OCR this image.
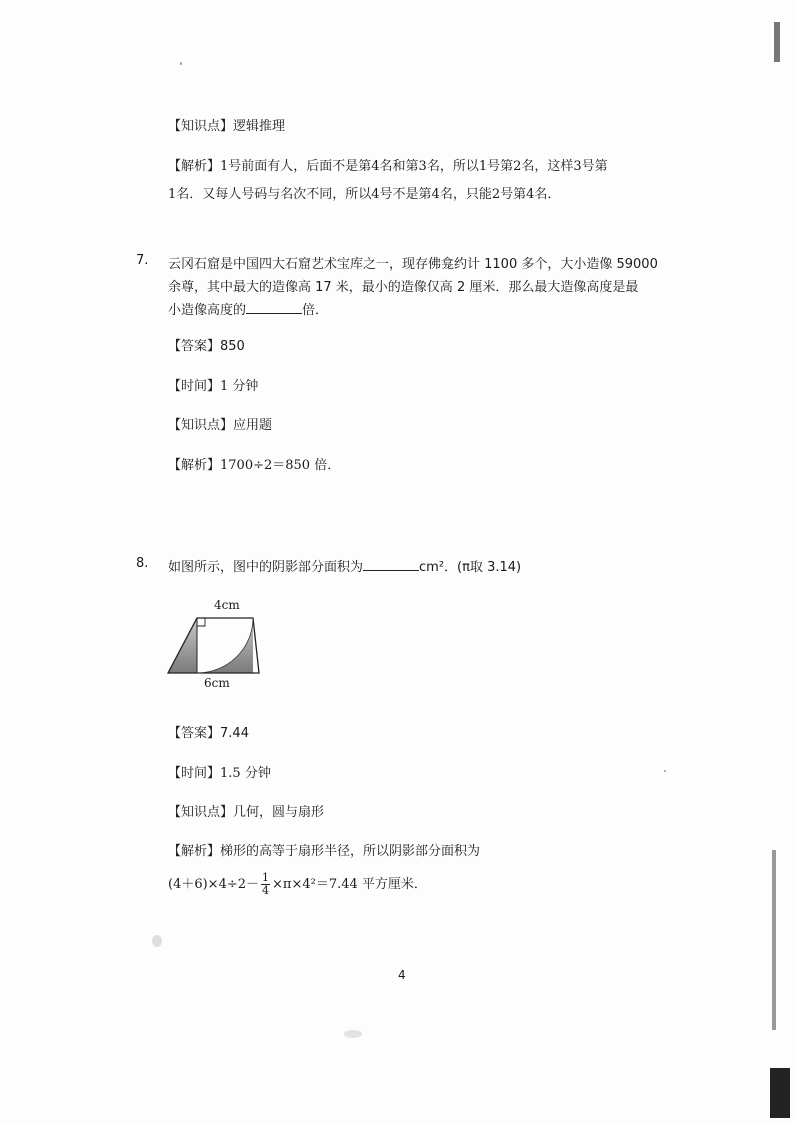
【知识点】逻辑推理
【解析】1号前面有人，后面不是第4名和第3名，所以1号第2名，这样3号第
1名．又每人号码与名次不同，所以4号不是第4名，只能2号第4名．
7. 云冈石窟是中国四大石窟艺术宝库之一，现存佛龛约计 1100 多个，大小造像 59000
余尊，其中最大的造像高 17 米，最小的造像仅高 2 厘米．那么最大造像高度是最
小造像高度的	倍．
【答案】850
【时间】1 分钟
【知识点】应用题
【解析】1700÷2＝850 倍．
8. 如图所示，图中的阴影部分面积为	cm²．(π取 3.14)
4cm
6cm
【答案】7.44
【时间】1.5 分钟
【知识点】几何，圆与扇形
【解析】梯形的高等于扇形半径，所以阴影部分面积为
$(4+6)\times 4\div 2- \frac{1}{4} \times\pi\times 4^2=7.44$ 平方厘米．
4
